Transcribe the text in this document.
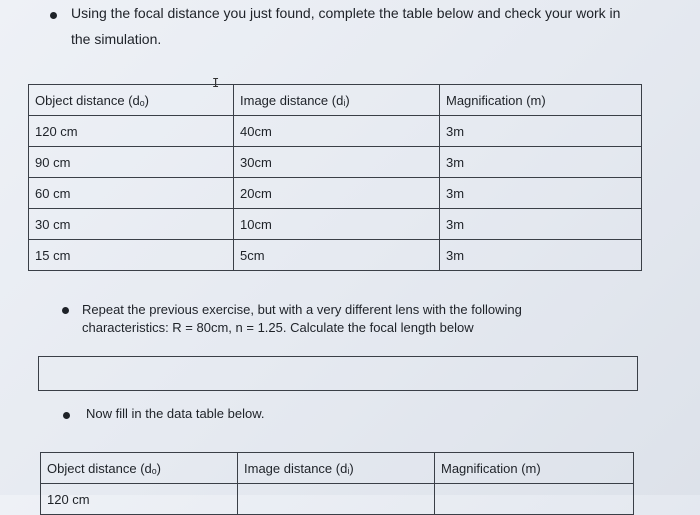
Using the focal distance you just found, complete the table below and check your work in
the simulation.
I
Object distance (dₒ)	Image distance (dᵢ)	Magnification (m)
120 cm	40cm	3m
90 cm	30cm	3m
60 cm	20cm	3m
30 cm	10cm	3m
15 cm	5cm	3m
Repeat the previous exercise, but with a very different lens with the following
characteristics: R = 80cm, n = 1.25. Calculate the focal length below
Now fill in the data table below.
Object distance (dₒ)	Image distance (dᵢ)	Magnification (m)
120 cm		
